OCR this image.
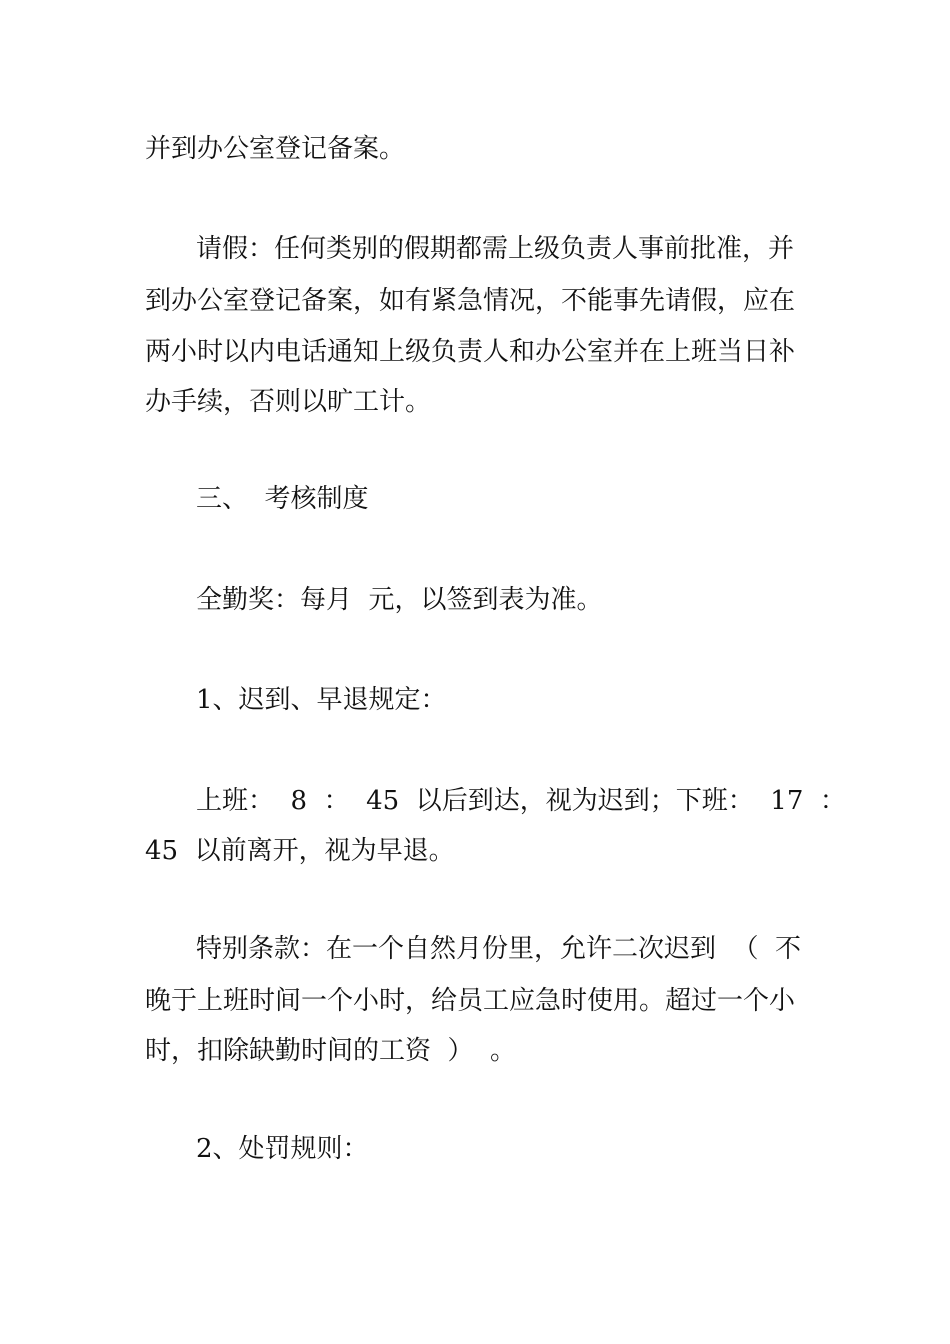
并到办公室登记备案。
请假：任何类别的假期都需上级负责人事前批准，并
到办公室登记备案，如有紧急情况，不能事先请假，应在
两小时以内电话通知上级负责人和办公室并在上班当日补
办手续，否则以旷工计。
三、  考核制度
全勤奖：每月  元，以签到表为准。
1、迟到、早退规定：
上班：  8  ：  45  以后到达，视为迟到；下班：  17  ：
45  以前离开，视为早退。
特别条款：在一个自然月份里，允许二次迟到  （  不
晚于上班时间一个小时，给员工应急时使用。超过一个小
时，扣除缺勤时间的工资  ）  。
2、处罚规则：
